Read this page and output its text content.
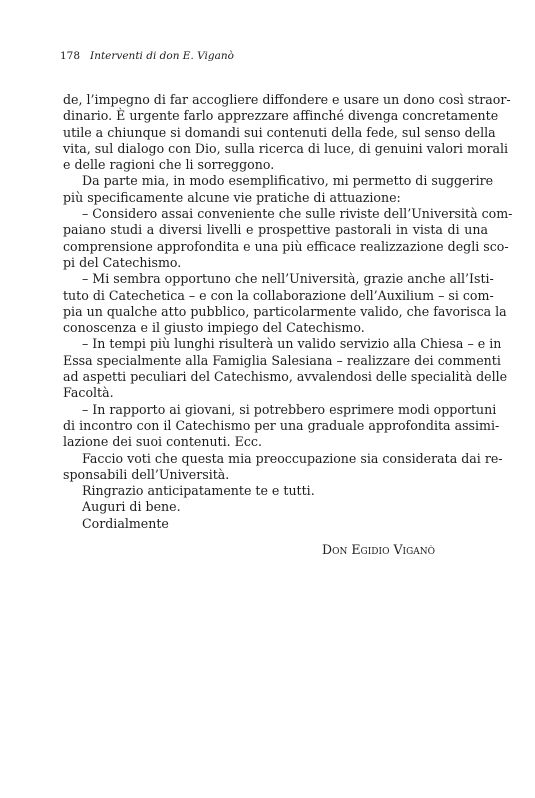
178 Interventi di don E. Viganò

de, l’impegno di far accogliere diffondere e usare un dono così straor-

dinario. È urgente farlo apprezzare affinché divenga concretamente

utile a chiunque si domandi sui contenuti della fede, sul senso della

vita, sul dialogo con Dio, sulla ricerca di luce, di genuini valori morali

e delle ragioni che li sorreggono.

Da parte mia, in modo esemplificativo, mi permetto di suggerire

più specificamente alcune vie pratiche di attuazione:

– Considero assai conveniente che sulle riviste dell’Università com-

paiano studi a diversi livelli e prospettive pastorali in vista di una

comprensione approfondita e una più efficace realizzazione degli sco-

pi del Catechismo.

– Mi sembra opportuno che nell’Università, grazie anche all’Isti-

tuto di Catechetica – e con la collaborazione dell’Auxilium – si com-

pia un qualche atto pubblico, particolarmente valido, che favorisca la

conoscenza e il giusto impiego del Catechismo.

– In tempi più lunghi risulterà un valido servizio alla Chiesa – e in

Essa specialmente alla Famiglia Salesiana – realizzare dei commenti

ad aspetti peculiari del Catechismo, avvalendosi delle specialità delle

Facoltà.

– In rapporto ai giovani, si potrebbero esprimere modi opportuni

di incontro con il Catechismo per una graduale approfondita assimi-

lazione dei suoi contenuti. Ecc.

Faccio voti che questa mia preoccupazione sia considerata dai re-

sponsabili dell’Università.

Ringrazio anticipatamente te e tutti.

Auguri di bene.

Cordialmente

Don Egidio Viganò
